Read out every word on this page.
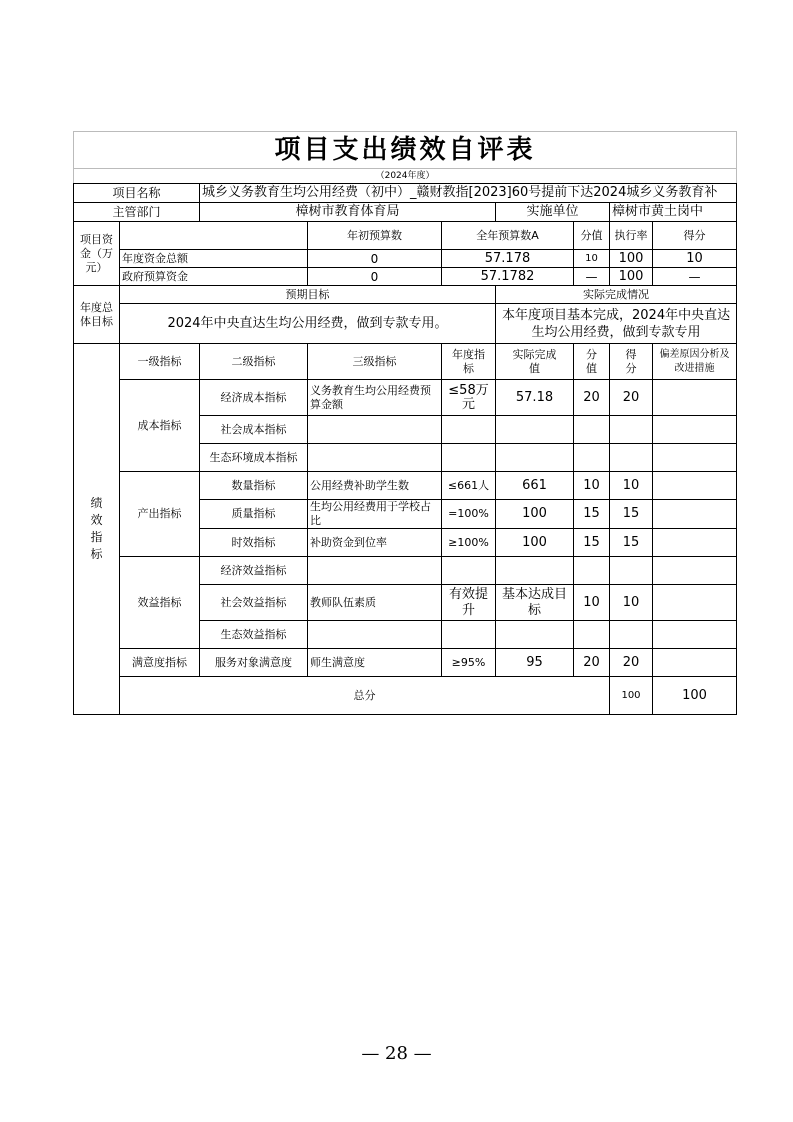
项目支出绩效自评表									
（2024年度）									
项目名称		城乡义务教育生均公用经费（初中）_赣财教指[2023]60号提前下达2024城乡义务教育补							
主管部门		樟树市教育体育局			实施单位		樟树市黄土岗中		
项目资金（万元）			年初预算数	全年预算数A		分值	执行率	得分	
	年度资金总额		0	57.178		10	100	10	
	政府预算资金		0	57.1782		—	100	—	
年度总体目标	预期目标				实际完成情况				
	2024年中央直达生均公用经费，做到专款专用。				本年度项目基本完成，2024年中央直达生均公用经费，做到专款专用				

绩效指标	一级指标	二级指标	三级指标	年度指标	实际完成值	分值	得分	偏差原因分析及改进措施	
	成本指标	经济成本指标	义务教育生均公用经费预算金额	≤58万元	57.18	20	20		
		社会成本指标							
		生态环境成本指标							
	产出指标	数量指标	公用经费补助学生数	≤661人	661	10	10		
		质量指标	生均公用经费用于学校占比	=100%	100	15	15		
		时效指标	补助资金到位率	≥100%	100	15	15		
	效益指标	经济效益指标							
		社会效益指标	教师队伍素质	有效提升	基本达成目标	10	10		
		生态效益指标							
	满意度指标	服务对象满意度	师生满意度	≥95%	95	20	20		
	总分						100	100	
— 28 —
